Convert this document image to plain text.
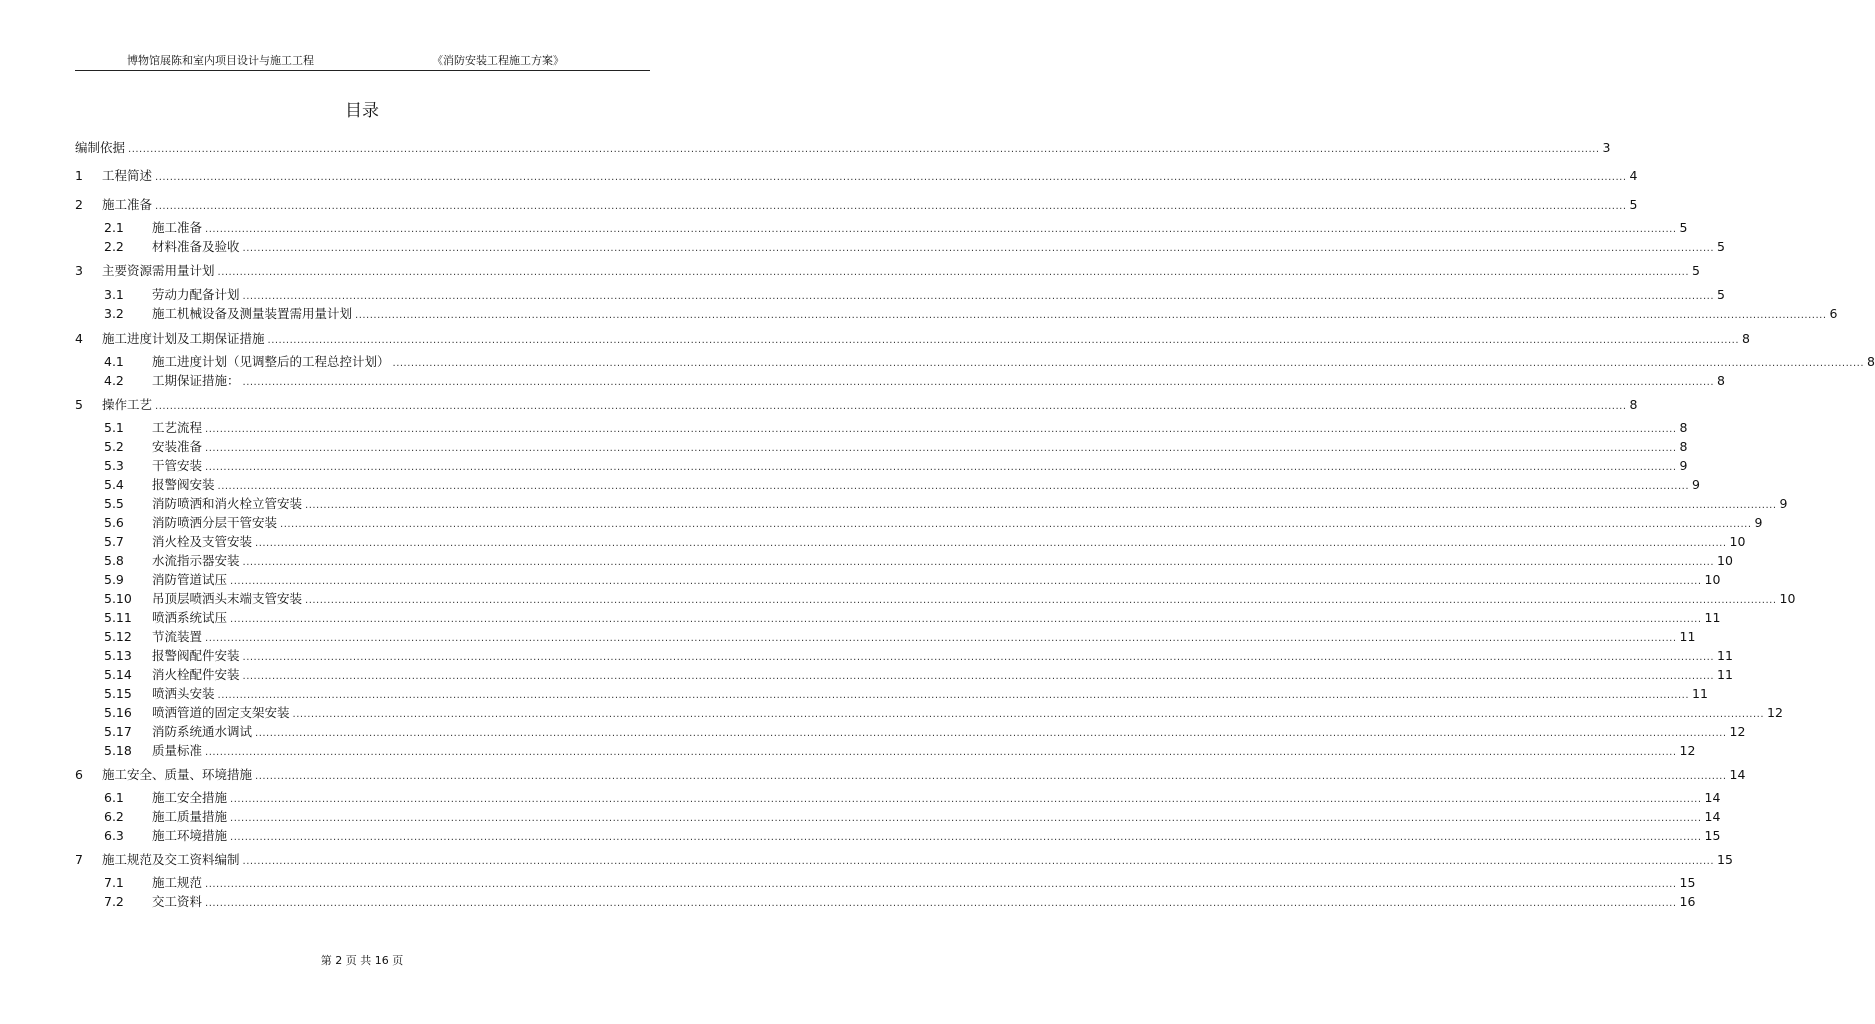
博物馆展陈和室内项目设计与施工工程	《消防安装工程施工方案》
目录
编制依据 ................................................................................................................................................................................................................................................................................................................................................................................................................ 3
1	工程简述 ................................................................................................................................................................................................................................................................................................................................................................................................................ 4
2	施工准备 ................................................................................................................................................................................................................................................................................................................................................................................................................ 5
2.1	施工准备 ................................................................................................................................................................................................................................................................................................................................................................................................................ 5
2.2	材料准备及验收 ................................................................................................................................................................................................................................................................................................................................................................................................................ 5
3	主要资源需用量计划 ................................................................................................................................................................................................................................................................................................................................................................................................................ 5
3.1	劳动力配备计划 ................................................................................................................................................................................................................................................................................................................................................................................................................ 5
3.2	施工机械设备及测量装置需用量计划 ................................................................................................................................................................................................................................................................................................................................................................................................................ 6
4	施工进度计划及工期保证措施 ................................................................................................................................................................................................................................................................................................................................................................................................................ 8
4.1	施工进度计划（见调整后的工程总控计划） ................................................................................................................................................................................................................................................................................................................................................................................................................ 8
4.2	工期保证措施： ................................................................................................................................................................................................................................................................................................................................................................................................................ 8
5	操作工艺 ................................................................................................................................................................................................................................................................................................................................................................................................................ 8
5.1	工艺流程 ................................................................................................................................................................................................................................................................................................................................................................................................................ 8
5.2	安装准备 ................................................................................................................................................................................................................................................................................................................................................................................................................ 8
5.3	干管安装 ................................................................................................................................................................................................................................................................................................................................................................................................................ 9
5.4	报警阀安装 ................................................................................................................................................................................................................................................................................................................................................................................................................ 9
5.5	消防喷洒和消火栓立管安装 ................................................................................................................................................................................................................................................................................................................................................................................................................ 9
5.6	消防喷洒分层干管安装 ................................................................................................................................................................................................................................................................................................................................................................................................................ 9
5.7	消火栓及支管安装 ................................................................................................................................................................................................................................................................................................................................................................................................................ 10
5.8	水流指示器安装 ................................................................................................................................................................................................................................................................................................................................................................................................................ 10
5.9	消防管道试压 ................................................................................................................................................................................................................................................................................................................................................................................................................ 10
5.10	吊顶层喷洒头末端支管安装 ................................................................................................................................................................................................................................................................................................................................................................................................................ 10
5.11	喷洒系统试压 ................................................................................................................................................................................................................................................................................................................................................................................................................ 11
5.12	节流装置 ................................................................................................................................................................................................................................................................................................................................................................................................................ 11
5.13	报警阀配件安装 ................................................................................................................................................................................................................................................................................................................................................................................................................ 11
5.14	消火栓配件安装 ................................................................................................................................................................................................................................................................................................................................................................................................................ 11
5.15	喷洒头安装 ................................................................................................................................................................................................................................................................................................................................................................................................................ 11
5.16	喷洒管道的固定支架安装 ................................................................................................................................................................................................................................................................................................................................................................................................................ 12
5.17	消防系统通水调试 ................................................................................................................................................................................................................................................................................................................................................................................................................ 12
5.18	质量标准 ................................................................................................................................................................................................................................................................................................................................................................................................................ 12
6	施工安全、质量、环境措施 ................................................................................................................................................................................................................................................................................................................................................................................................................ 14
6.1	施工安全措施 ................................................................................................................................................................................................................................................................................................................................................................................................................ 14
6.2	施工质量措施 ................................................................................................................................................................................................................................................................................................................................................................................................................ 14
6.3	施工环境措施 ................................................................................................................................................................................................................................................................................................................................................................................................................ 15
7	施工规范及交工资料编制 ................................................................................................................................................................................................................................................................................................................................................................................................................ 15
7.1	施工规范 ................................................................................................................................................................................................................................................................................................................................................................................................................ 15
7.2	交工资料 ................................................................................................................................................................................................................................................................................................................................................................................................................ 16
第 2 页 共 16 页
